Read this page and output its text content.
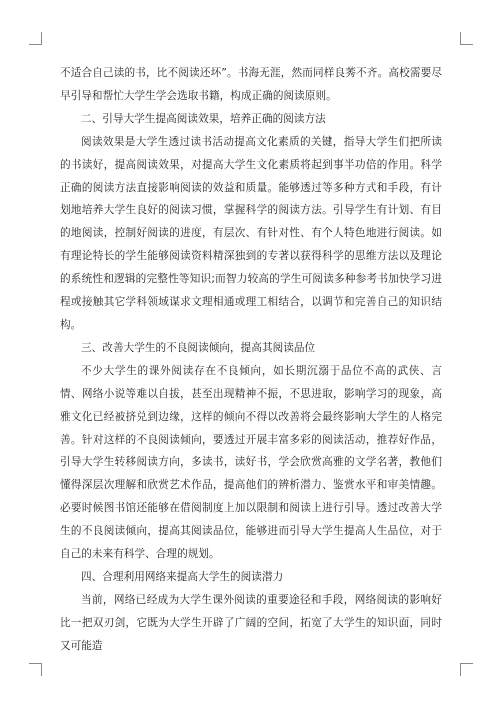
不适合自己读的书，比不阅读还坏”。书海无涯，然而同样良莠不齐。高校需要尽早引导和帮忙大学生学会选取书籍，构成正确的阅读原则。

二、引导大学生提高阅读效果，培养正确的阅读方法

阅读效果是大学生透过读书活动提高文化素质的关键，指导大学生们把所读的书读好，提高阅读效果，对提高大学生文化素质将起到事半功倍的作用。科学正确的阅读方法直接影响阅读的效益和质量。能够透过等多种方式和手段，有计划地培养大学生良好的阅读习惯，掌握科学的阅读方法。引导学生有计划、有目的地阅读，控制好阅读的进度，有层次、有针对性、有个人特色地进行阅读。如有理论特长的学生能够阅读资料精深独到的专著以获得科学的思维方法以及理论的系统性和逻辑的完整性等知识;而智力较高的学生可阅读多种参考书加快学习进程或接触其它学科领域谋求文理相通或理工相结合，以调节和完善自己的知识结构。

三、改善大学生的不良阅读倾向，提高其阅读品位

不少大学生的课外阅读存在不良倾向，如长期沉溺于品位不高的武侠、言情、网络小说等难以自拔，甚至出现精神不振，不思进取，影响学习的现象，高雅文化已经被挤兑到边缘，这样的倾向不得以改善将会最终影响大学生的人格完善。针对这样的不良阅读倾向，要透过开展丰富多彩的阅读活动，推荐好作品，引导大学生转移阅读方向，多读书，读好书，学会欣赏高雅的文学名著，教他们懂得深层次理解和欣赏艺术作品，提高他们的辨析潜力、鉴赏水平和审美情趣。必要时候图书馆还能够在借阅制度上加以限制和阅读上进行引导。透过改善大学生的不良阅读倾向，提高其阅读品位，能够进而引导大学生提高人生品位，对于自己的未来有科学、合理的规划。

四、合理利用网络来提高大学生的阅读潜力

当前，网络已经成为大学生课外阅读的重要途径和手段，网络阅读的影响好比一把双刃剑，它既为大学生开辟了广阔的空间，拓宽了大学生的知识面，同时又可能造
